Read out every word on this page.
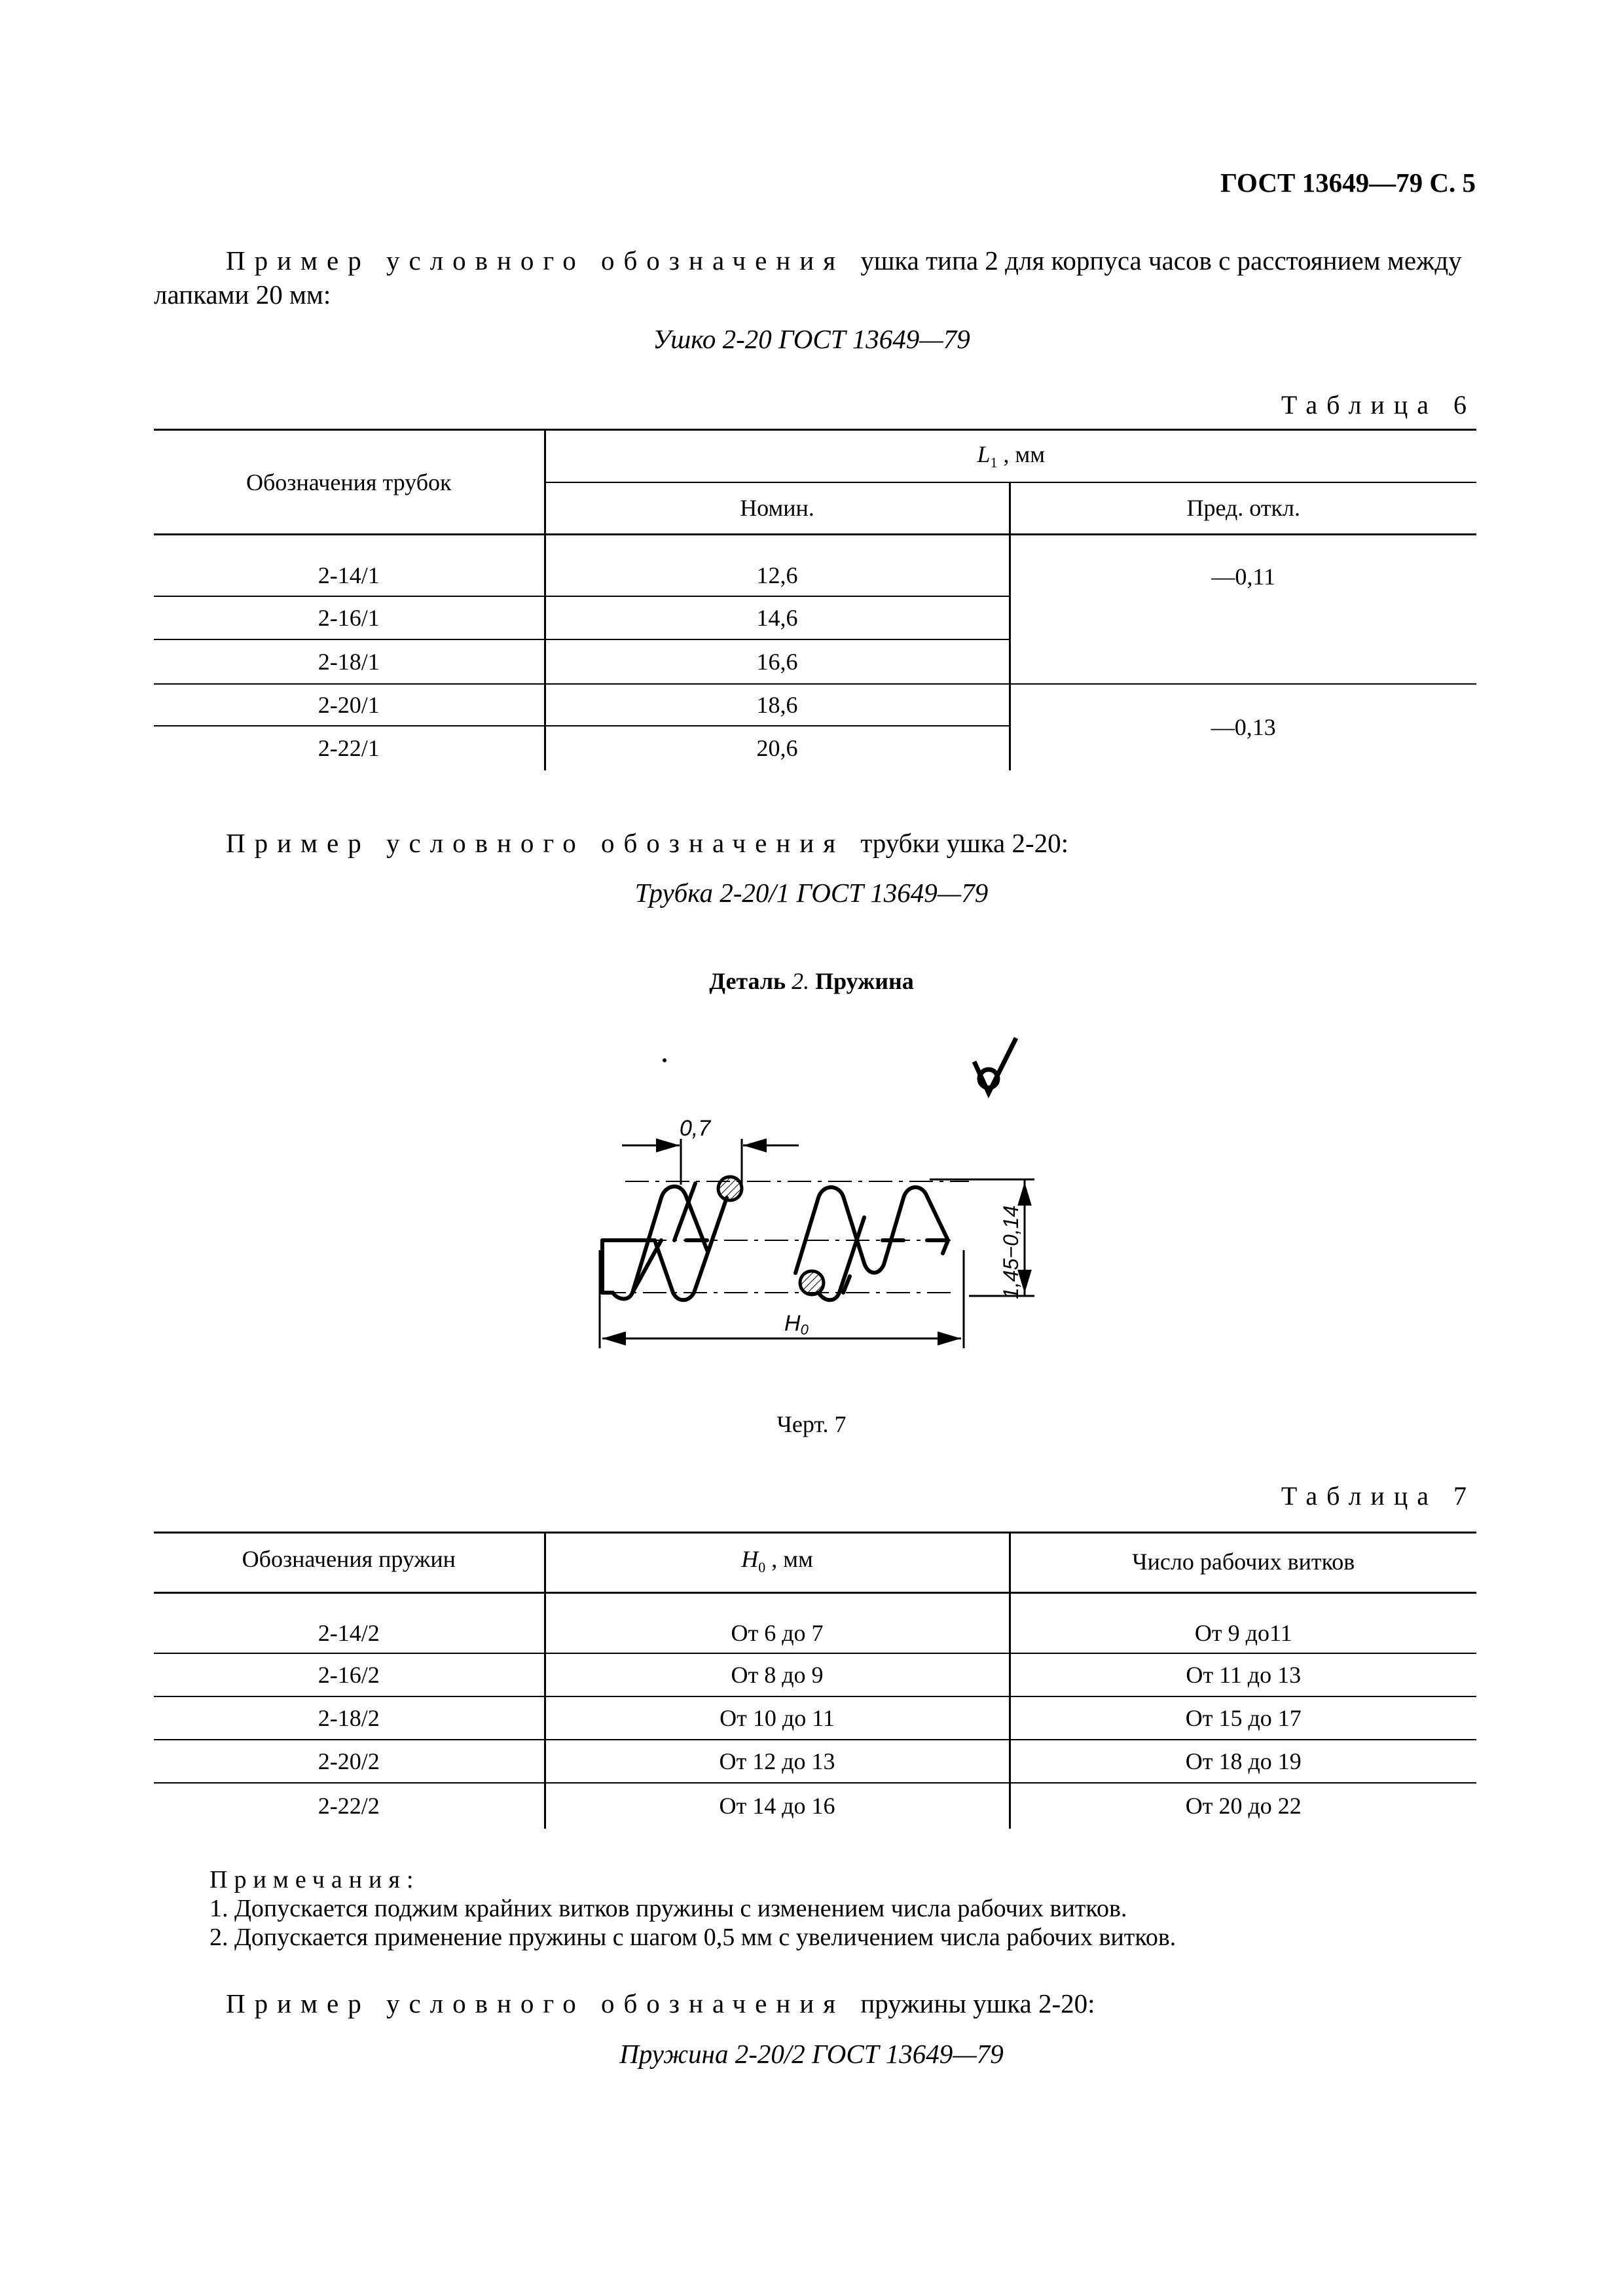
ГОСТ 13649—79 С. 5
Пример условного обозначения ушка типа 2 для корпуса часов с расстоянием между лапками 20 мм:
Ушко 2-20 ГОСТ 13649—79
Таблица 6
Обозначения трубок	$L_1$ , мм	
	Номин.	Пред. откл.
2-14/1	12,6	—0,11
2-16/1	14,6	
2-18/1	16,6	
2-20/1	18,6	—0,13
2-22/1	20,6	
Пример условного обозначения трубки ушка 2-20:
Трубка 2-20/1 ГОСТ 13649—79
Деталь 2. Пружина
0,7
1,45−0,14
H0
Черт. 7
Таблица 7
Обозначения пружин	$H_0$ , мм	Число рабочих витков
2-14/2	От 6 до 7	От 9 до11
2-16/2	От 8 до 9	От 11 до 13
2-18/2	От 10 до 11	От 15 до 17
2-20/2	От 12 до 13	От 18 до 19
2-22/2	От 14 до 16	От 20 до 22
Примечания:
1. Допускается поджим крайних витков пружины с изменением числа рабочих витков.
2. Допускается применение пружины с шагом 0,5 мм с увеличением числа рабочих витков.
Пример условного обозначения пружины ушка 2-20:
Пружина 2-20/2 ГОСТ 13649—79
